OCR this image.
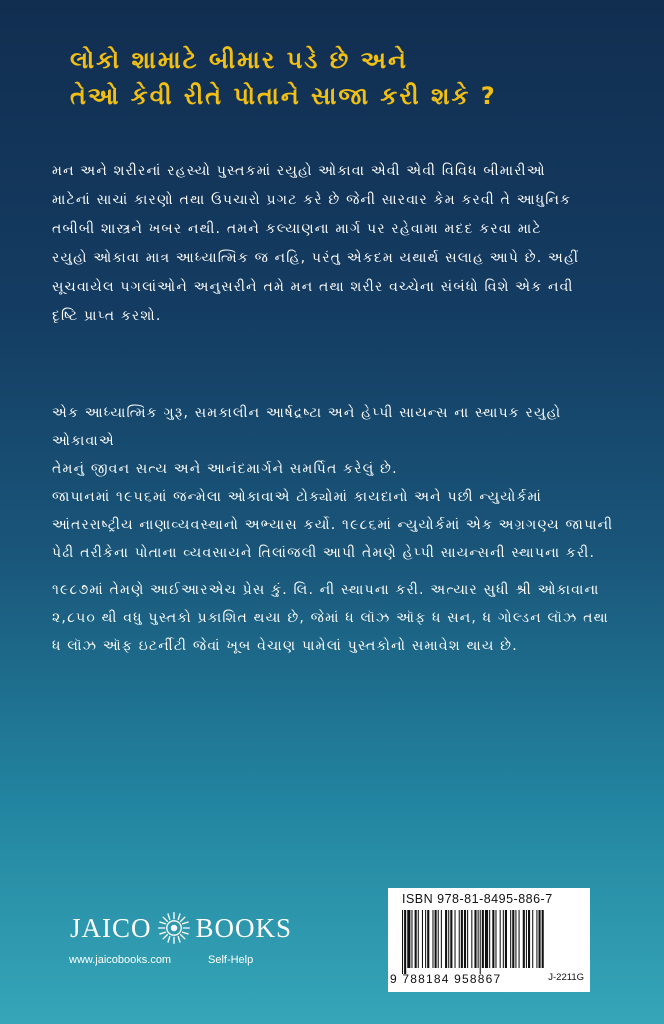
લોકો શામાટે બીમાર પડે છે અને
તેઓ કેવી રીતે પોતાને સાજા કરી શકે ?
મન અને શરીરનાં રહસ્યો પુસ્તકમાં રયુહો ઓકાવા એવી એવી વિવિધ બીમારીઓ
માટેનાં સાચાં કારણો તથા ઉપચારો પ્રગટ કરે છે જેની સારવાર કેમ કરવી તે આધુનિક
તબીબી શાસ્ત્રને ખબર નથી. તમને કલ્યાણના માર્ગ પર રહેવામા મદદ કરવા માટે
રયુહો ઓકાવા માત્ર આધ્યાત્મિક જ નહિ, પરંતુ એકદમ યથાર્થ સલાહ આપે છે. અહીં
સૂચવાયેલ પગલાંઓને અનુસરીને તમે મન તથા શરીર વચ્ચેના સંબંધો વિશે એક નવી
દૃષ્ટિ પ્રાપ્ત કરશો.
એક આધ્યાત્મિક ગુરૂ, સમકાલીન આર્ષદ્રષ્ટા અને હેપ્પી સાયન્સ ના સ્થાપક રયુહો ઓકાવાએ
તેમનું જીવન સત્ય અને આનંદમાર્ગને સમર્પિત કરેલું છે.
જાપાનમાં ૧૯૫૬માં જન્મેલા ઓકાવાએ ટોક્યોમાં કાયદાનો અને પછી ન્યુયોર્કમાં
આંતરરાષ્ટ્રીય નાણાવ્યવસ્થાનો અભ્યાસ કર્યો. ૧૯૮૬માં ન્યુયોર્કમાં એક અગ્રગણ્ય જાપાની
પેઢી તરીકેના પોતાના વ્યવસાયને તિલાંજલી આપી તેમણે હેપ્પી સાયન્સની સ્થાપના કરી.
૧૯૮૭માં તેમણે આઈઆરએચ પ્રેસ કું. લિ. ની સ્થાપના કરી. અત્યાર સુધી શ્રી ઓકાવાના
૨,૮૫૦ થી વધુ પુસ્તકો પ્રકાશિત થયા છે, જેમાં ધ લૉઝ ઑફ ધ સન, ધ ગોલ્ડન લૉઝ તથા
ધ લૉઝ ઑફ ઇટર્નીટી જેવાં ખૂબ વેચાણ પામેલાં પુસ્તકોનો સમાવેશ થાય છે.
JAICO BOOKS
www.jaicobooks.com	Self-Help
ISBN 978-81-8495-886-7
9 788184 958867	J-2211G
